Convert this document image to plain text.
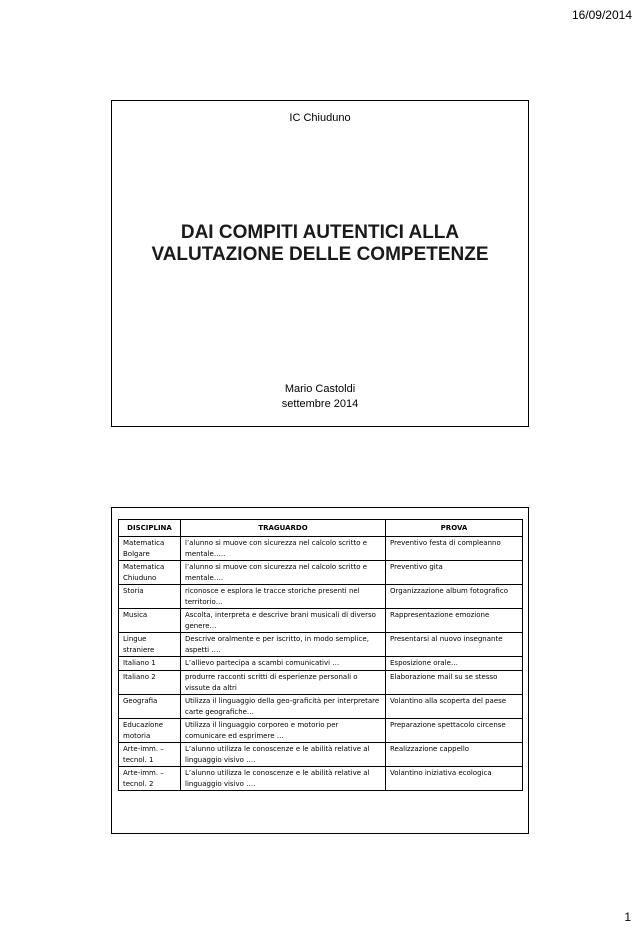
16/09/2014
IC Chiuduno
DAI COMPITI AUTENTICI ALLA
VALUTAZIONE DELLE COMPETENZE
Mario Castoldi
settembre 2014
DISCIPLINA	TRAGUARDO	PROVA
Matematica Bolgare	l’alunno si muove con sicurezza nel calcolo scritto e mentale…..	Preventivo festa di compleanno
Matematica Chiuduno	l’alunno si muove con sicurezza nel calcolo scritto e mentale….	Preventivo gita
Storia	riconosce e esplora le tracce storiche presenti nel territorio…	Organizzazione album fotografico
Musica	Ascolta, interpreta e descrive brani musicali di diverso genere…	Rappresentazione emozione
Lingue straniere	Descrive oralmente e per iscritto, in modo semplice, aspetti ….	Presentarsi al nuovo insegnante
Italiano 1	L’allievo partecipa a scambi comunicativi …	Esposizione orale…
Italiano 2	produrre racconti scritti di esperienze personali o vissute da altri	Elaborazione mail su se stesso
Geografia	Utilizza il linguaggio della geo-graficità per interpretare carte geografiche…	Volantino alla scoperta del paese
Educazione motoria	Utilizza il linguaggio corporeo e motorio per comunicare ed esprimere …	Preparazione spettacolo circense
Arte-imm. – tecnol. 1	L’alunno utilizza le conoscenze e le abilità relative al linguaggio visivo ….	Realizzazione cappello
Arte-imm. – tecnol. 2	L’alunno utilizza le conoscenze e le abilità relative al linguaggio visivo ….	Volantino iniziativa ecologica
1
